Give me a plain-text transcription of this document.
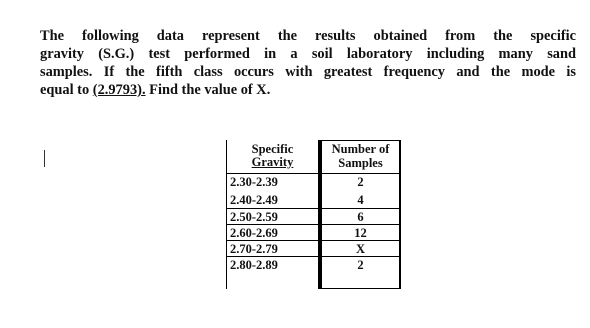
The following data represent the results obtained from the specific
gravity (S.G.) test performed in a soil laboratory including many sand
samples. If the fifth class occurs with greatest frequency and the mode is
equal to (2.9793). Find the value of X.
Specific
Gravity
2.30-2.39
2.40-2.49
2.50-2.59
2.60-2.69
2.70-2.79
2.80-2.89
Number of
Samples
2
4
6
12
X
2
